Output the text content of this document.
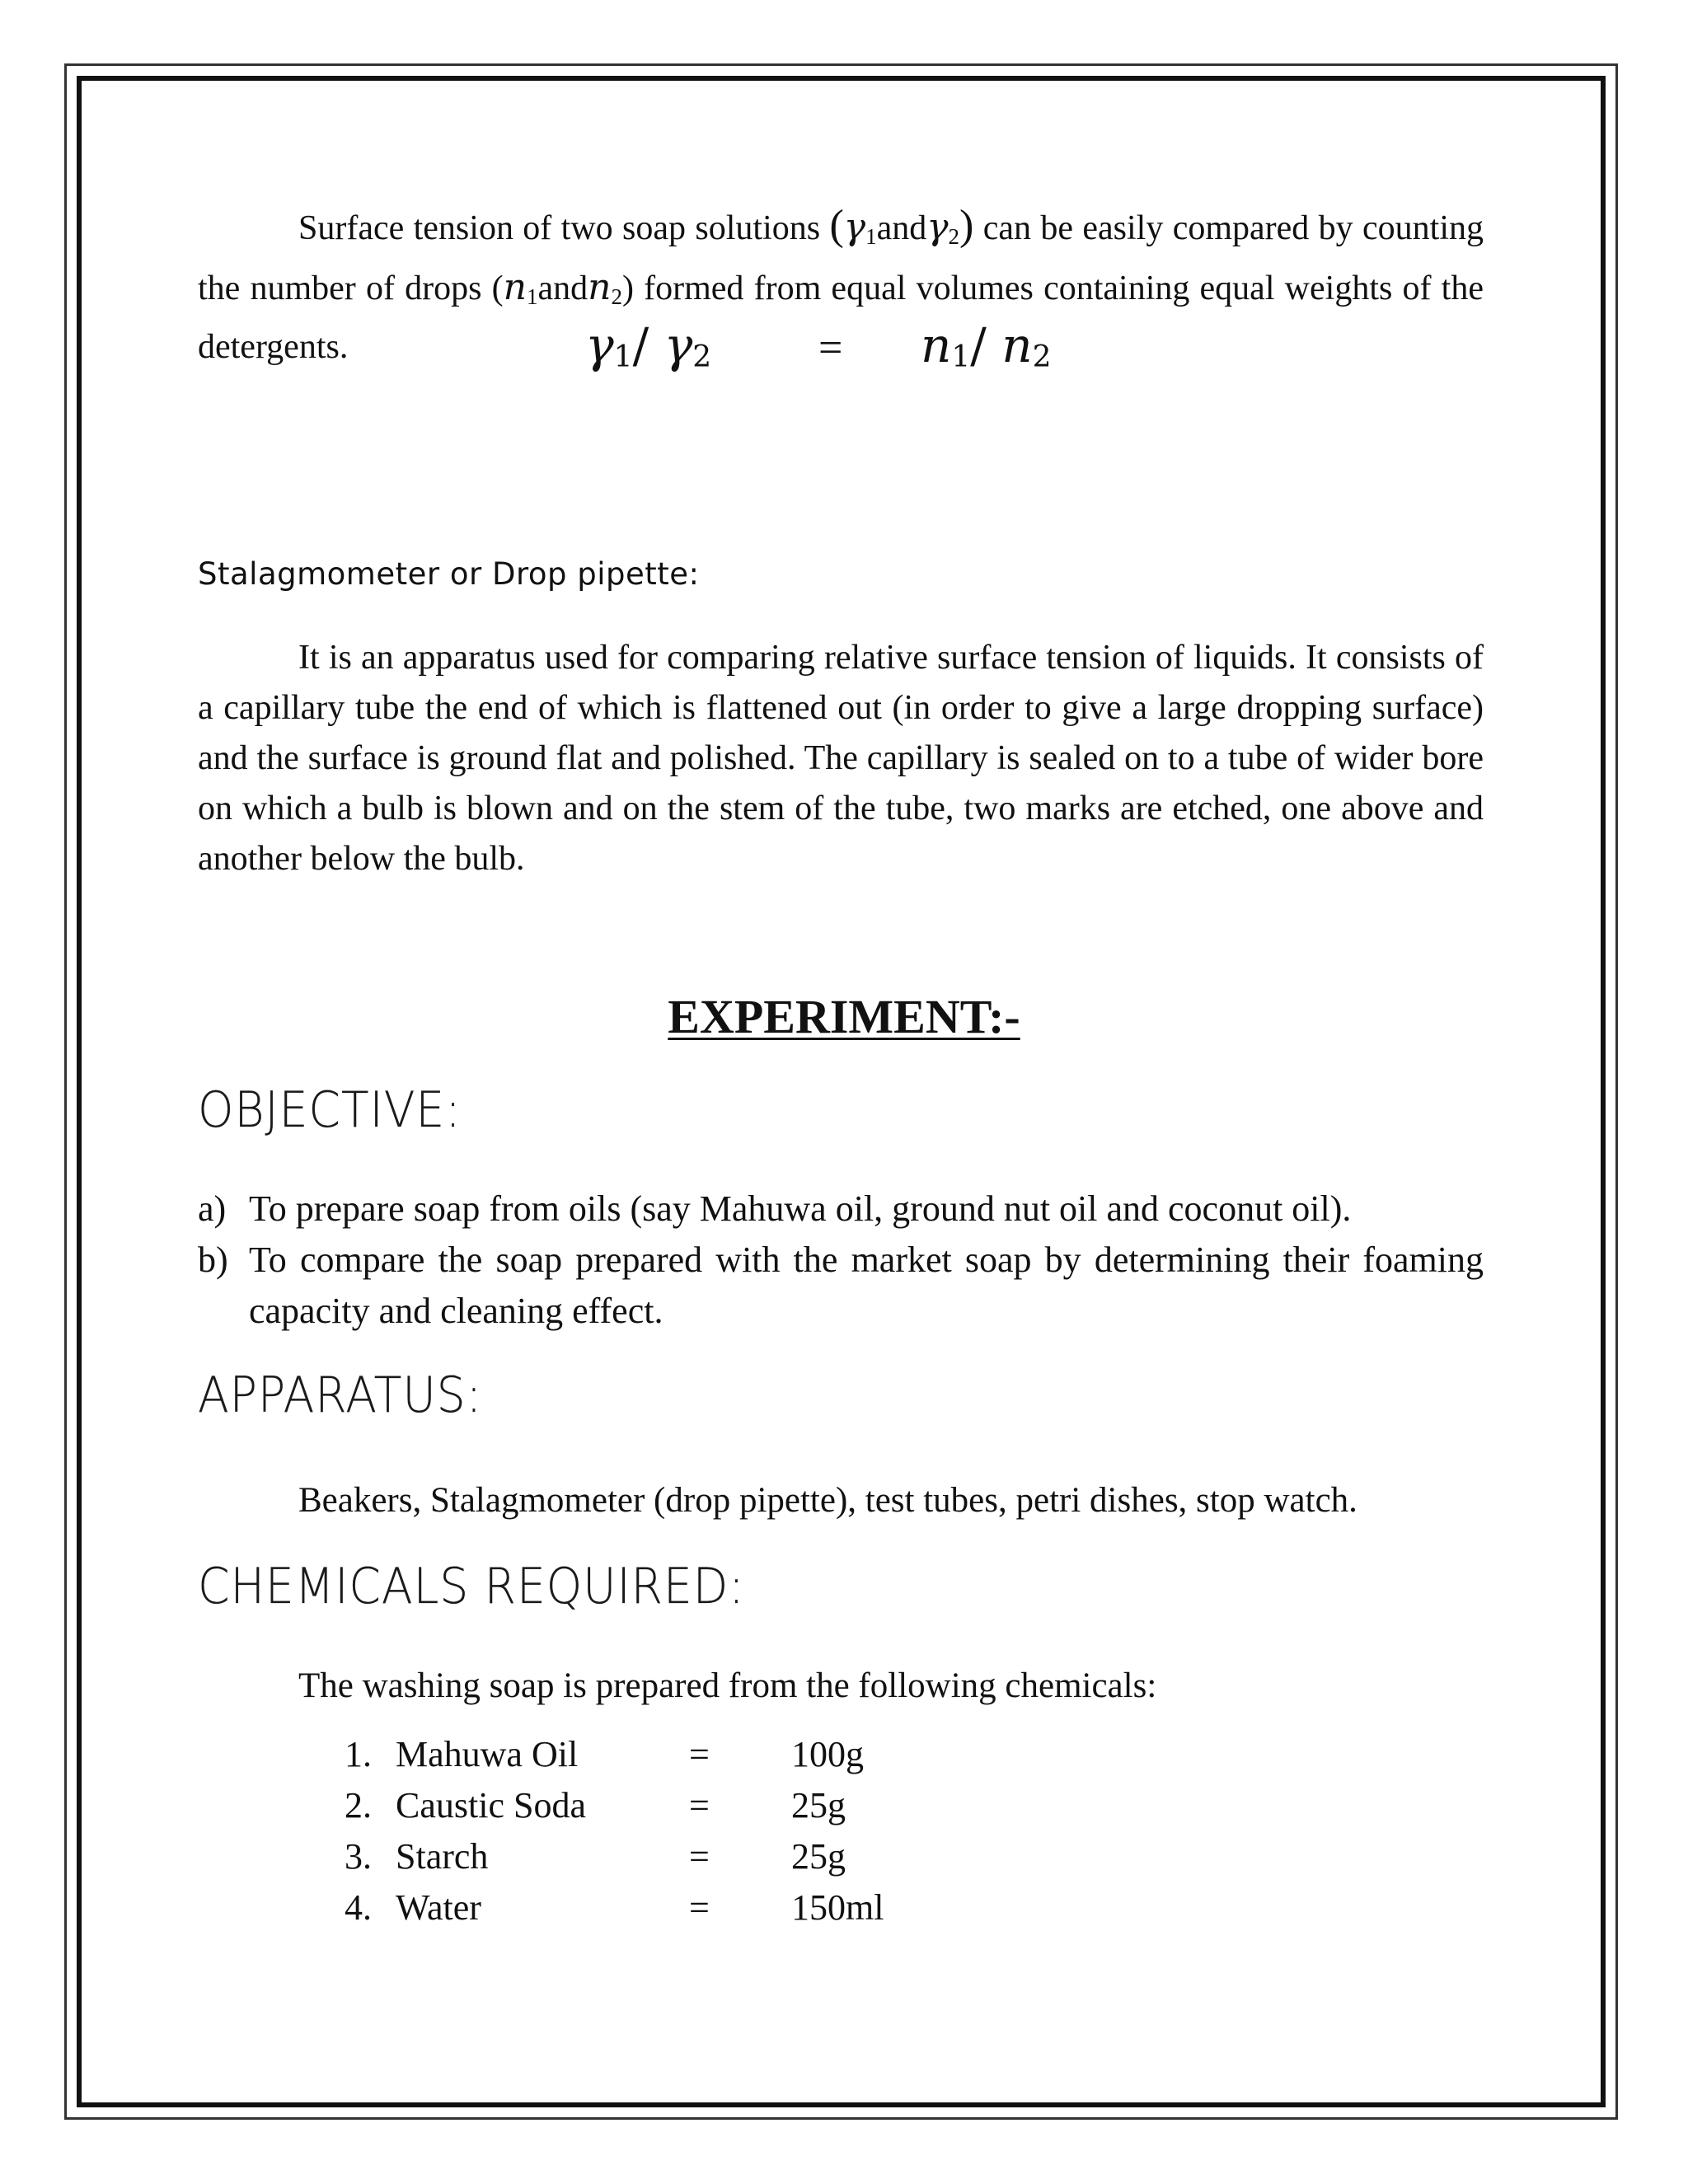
Surface tension of two soap solutions $(\gamma_1and\gamma_2)$ can be easily compared by counting the number of drops $(n_1andn_2)$ formed from equal volumes containing equal weights of the detergents.	γ1/ γ2 = n1/ n2
Stalagmometer or Drop pipette:

It is an apparatus used for comparing relative surface tension of liquids. It consists of a capillary tube the end of which is flattened out (in order to give a large dropping surface) and the surface is ground flat and polished. The capillary is sealed on to a tube of wider bore on which a bulb is blown and on the stem of the tube, two marks are etched, one above and another below the bulb.

EXPERIMENT:-
OBJECTIVE:
a) To prepare soap from oils (say Mahuwa oil, ground nut oil and coconut oil).
b) To compare the soap prepared with the market soap by determining their foaming capacity and cleaning effect.
APPARATUS:

Beakers, Stalagmometer (drop pipette), test tubes, petri dishes, stop watch.

CHEMICALS REQUIRED:

The washing soap is prepared from the following chemicals:

1. Mahuwa Oil	= 100g
2. Caustic Soda	= 25g
3. Starch	= 25g
4. Water	= 150ml
